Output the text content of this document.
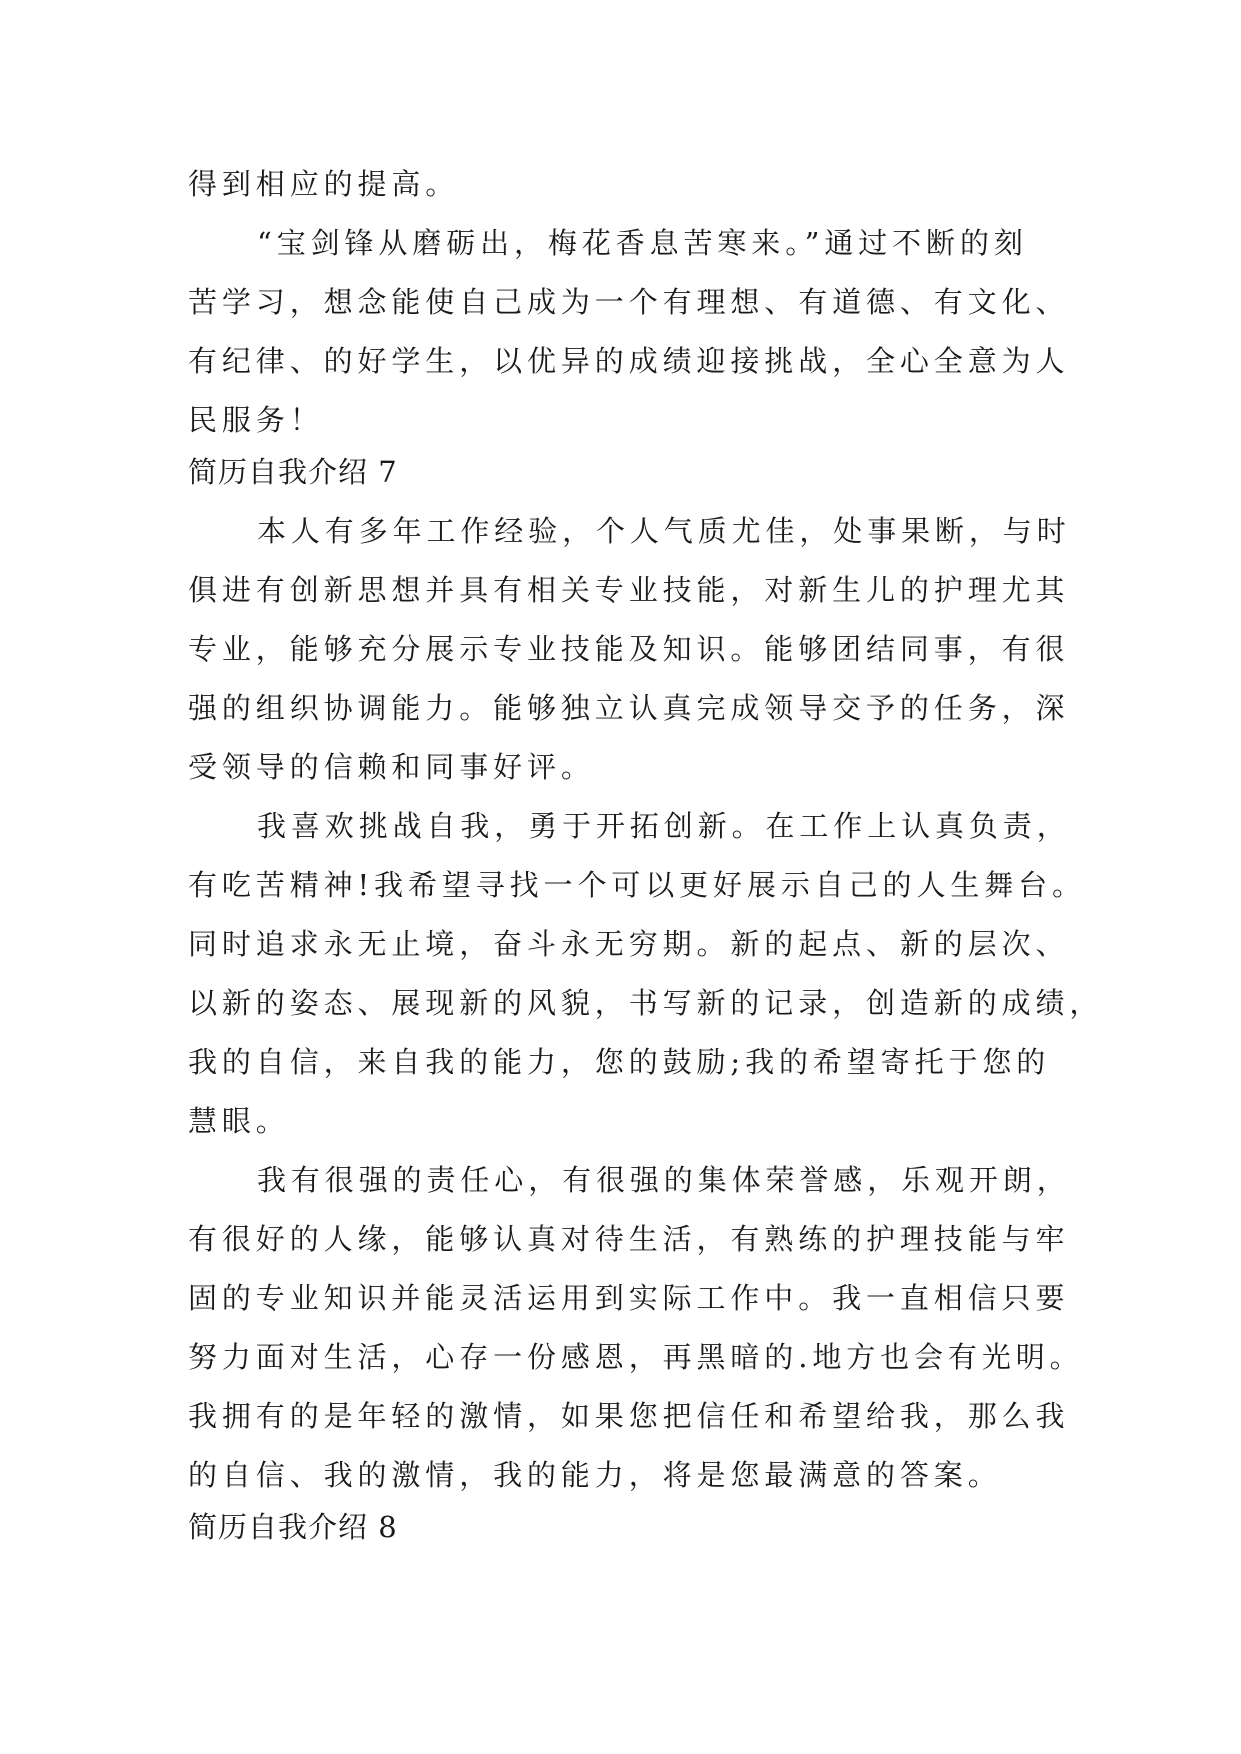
得到相应的提高。
“宝剑锋从磨砺出，梅花香息苦寒来。”通过不断的刻
苦学习，想念能使自己成为一个有理想、有道德、有文化、
有纪律、的好学生，以优异的成绩迎接挑战，全心全意为人
民服务！
简历自我介绍 7
本人有多年工作经验，个人气质尤佳，处事果断，与时
俱进有创新思想并具有相关专业技能，对新生儿的护理尤其
专业，能够充分展示专业技能及知识。能够团结同事，有很
强的组织协调能力。能够独立认真完成领导交予的任务，深
受领导的信赖和同事好评。
我喜欢挑战自我，勇于开拓创新。在工作上认真负责，
有吃苦精神!我希望寻找一个可以更好展示自己的人生舞台。
同时追求永无止境，奋斗永无穷期。新的起点、新的层次、
以新的姿态、展现新的风貌，书写新的记录，创造新的成绩，
我的自信，来自我的能力，您的鼓励;我的希望寄托于您的
慧眼。
我有很强的责任心，有很强的集体荣誉感，乐观开朗，
有很好的人缘，能够认真对待生活，有熟练的护理技能与牢
固的专业知识并能灵活运用到实际工作中。我一直相信只要
努力面对生活，心存一份感恩，再黑暗的.地方也会有光明。
我拥有的是年轻的激情，如果您把信任和希望给我，那么我
的自信、我的激情，我的能力，将是您最满意的答案。
简历自我介绍 8
